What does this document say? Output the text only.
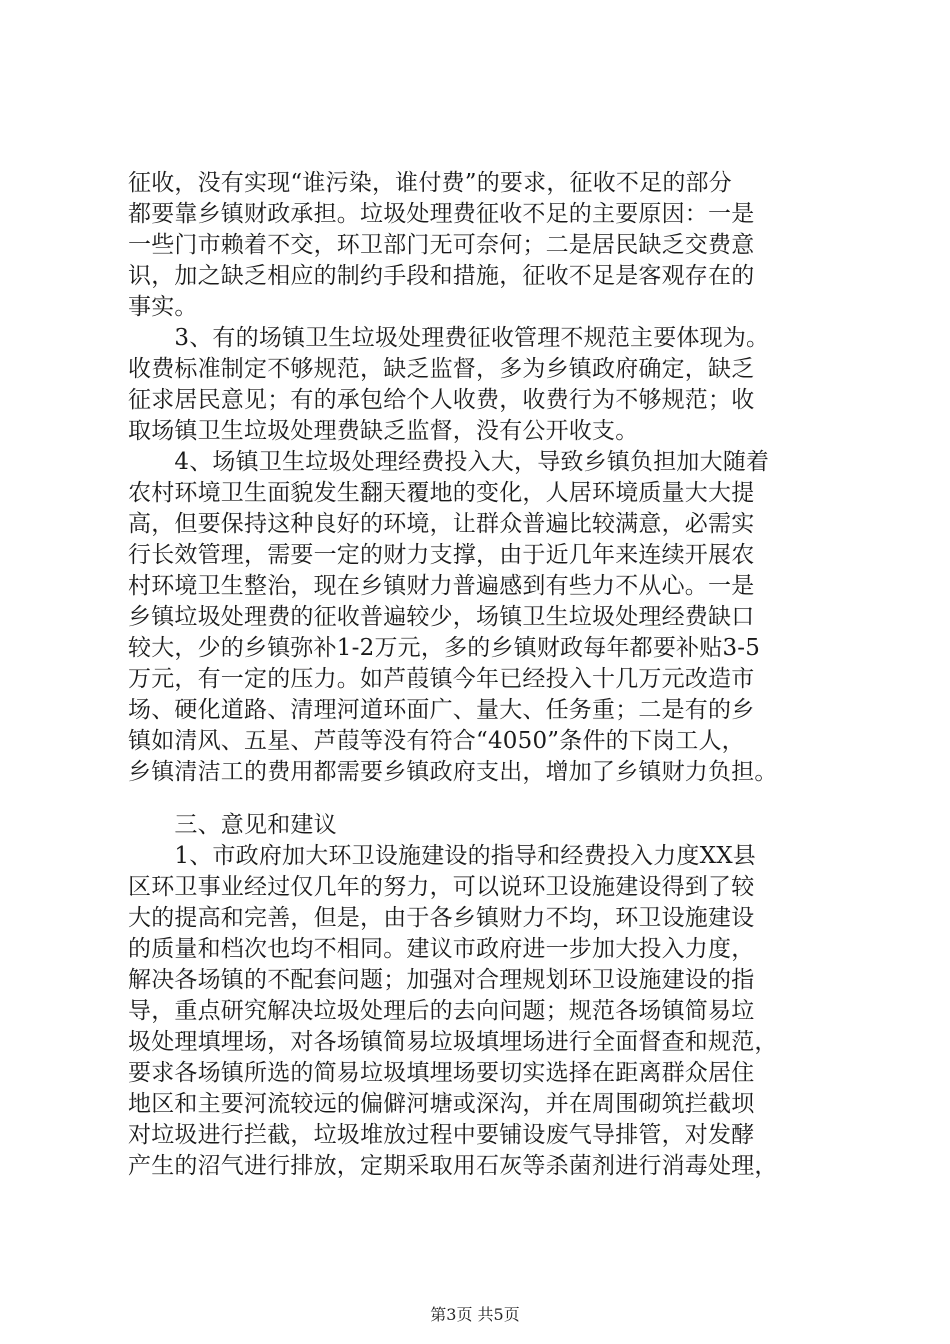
征收，没有实现“谁污染，谁付费”的要求，征收不足的部分
都要靠乡镇财政承担。垃圾处理费征收不足的主要原因：一是
一些门市赖着不交，环卫部门无可奈何；二是居民缺乏交费意
识，加之缺乏相应的制约手段和措施，征收不足是客观存在的
事实。
　　3、有的场镇卫生垃圾处理费征收管理不规范主要体现为。
收费标准制定不够规范，缺乏监督，多为乡镇政府确定，缺乏
征求居民意见；有的承包给个人收费，收费行为不够规范；收
取场镇卫生垃圾处理费缺乏监督，没有公开收支。
　　4、场镇卫生垃圾处理经费投入大，导致乡镇负担加大随着
农村环境卫生面貌发生翻天覆地的变化，人居环境质量大大提
高，但要保持这种良好的环境，让群众普遍比较满意，必需实
行长效管理，需要一定的财力支撑，由于近几年来连续开展农
村环境卫生整治，现在乡镇财力普遍感到有些力不从心。一是
乡镇垃圾处理费的征收普遍较少，场镇卫生垃圾处理经费缺口
较大，少的乡镇弥补1-2万元，多的乡镇财政每年都要补贴3-5
万元，有一定的压力。如芦葭镇今年已经投入十几万元改造市
场、硬化道路、清理河道环面广、量大、任务重；二是有的乡
镇如清风、五星、芦葭等没有符合“4050”条件的下岗工人，
乡镇清洁工的费用都需要乡镇政府支出，增加了乡镇财力负担。
　　三、意见和建议
　　1、市政府加大环卫设施建设的指导和经费投入力度XX县
区环卫事业经过仅几年的努力，可以说环卫设施建设得到了较
大的提高和完善，但是，由于各乡镇财力不均，环卫设施建设
的质量和档次也均不相同。建议市政府进一步加大投入力度，
解决各场镇的不配套问题；加强对合理规划环卫设施建设的指
导，重点研究解决垃圾处理后的去向问题；规范各场镇简易垃
圾处理填埋场，对各场镇简易垃圾填埋场进行全面督查和规范，
要求各场镇所选的简易垃圾填埋场要切实选择在距离群众居住
地区和主要河流较远的偏僻河塘或深沟，并在周围砌筑拦截坝
对垃圾进行拦截，垃圾堆放过程中要铺设废气导排管，对发酵
产生的沼气进行排放，定期采取用石灰等杀菌剂进行消毒处理，
第3页 共5页
